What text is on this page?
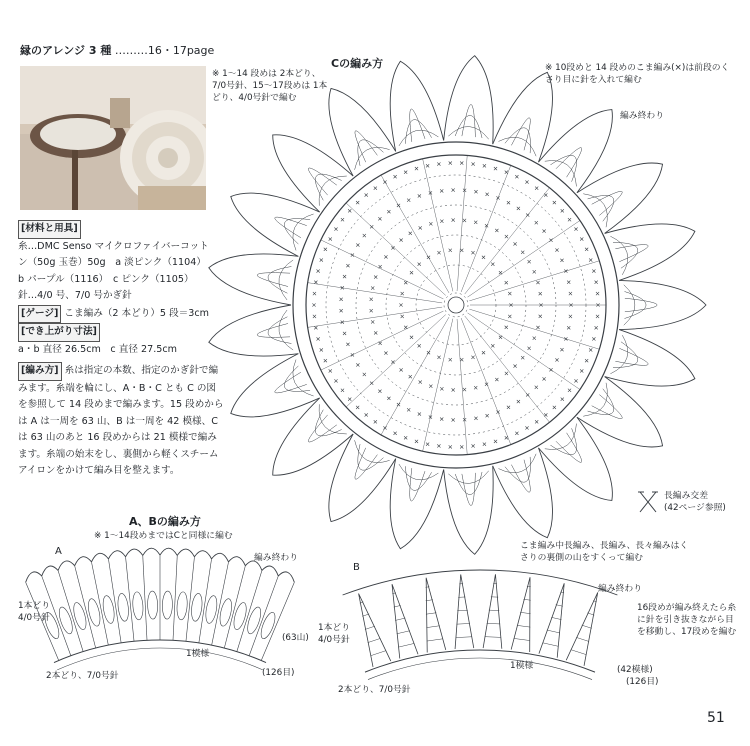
縁のアレンジ 3 種 ………16・17page
[材料と用具]
糸…DMC Senso マイクロファイバーコットン（50g 玉巻）50g　a 淡ピンク（1104）
b パープル（1116）　c ピンク（1105）
針…4/0 号、7/0 号かぎ針
[ゲージ] こま編み（2 本どり）5 段＝3cm
[でき上がり寸法]
a・b 直径 26.5cm　c 直径 27.5cm
[編み方] 糸は指定の本数、指定のかぎ針で編みます。糸端を輪にし、A・B・C とも C の図を参照して 14 段めまで編みます。15 段めからは A は一周を 63 山、B は一周を 42 模様、C は 63 山のあと 16 段めからは 21 模様で編みます。糸端の始末をし、裏側から軽くスチームアイロンをかけて編み目を整えます。
Cの編み方
※ 1～14 段めは 2本どり、7/0号針、15～17段めは 1本どり、4/0号針で編む
※ 10段めと 14 段めのこま編み(×)は前段のくさり目に針を入れて編む
編み終わり
長編み交差
(42ページ参照)
A、Bの編み方
※ 1～14段めまではCと同様に編む
A
編み終わり
1本どり 4/0号針
2本どり、7/0号針
1模様
(63山)
(126目)
B
こま編み中長編み、長編み、長々編みはくさりの裏側の山をすくって編む
編み終わり
16段めが編み終えたら糸に針を引き抜きながら目を移動し、17段めを編む
1本どり 4/0号針
2本どり、7/0号針
1模様	(42模様)
(126目)
51
